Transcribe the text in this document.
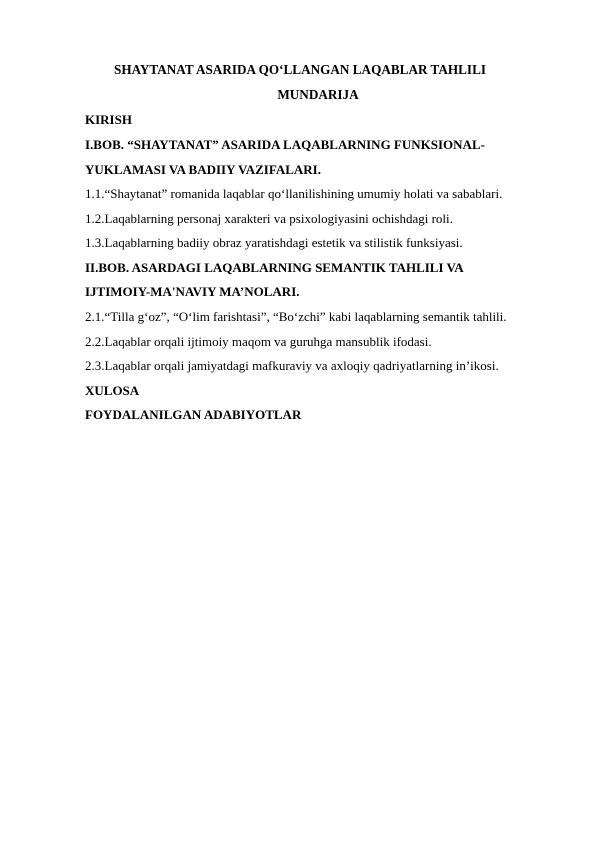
SHAYTANAT ASARIDA QO‘LLANGAN LAQABLAR TAHLILI
MUNDARIJA
KIRISH
I.BOB. “SHAYTANAT” ASARIDA LAQABLARNING FUNKSIONAL-
YUKLAMASI VA BADIIY VAZIFALARI.
1.1.“Shaytanat” romanida laqablar qo‘llanilishining umumiy holati va sabablari.
1.2.Laqablarning personaj xarakteri va psixologiyasini ochishdagi roli.
1.3.Laqablarning badiiy obraz yaratishdagi estetik va stilistik funksiyasi.
II.BOB. ASARDAGI LAQABLARNING SEMANTIK TAHLILI VA
IJTIMOIY-MA'NAVIY MA’NOLARI.
2.1.“Tilla g‘oz”, “O‘lim farishtasi”, “Bo‘zchi” kabi laqablarning semantik tahlili.
2.2.Laqablar orqali ijtimoiy maqom va guruhga mansublik ifodasi.
2.3.Laqablar orqali jamiyatdagi mafkuraviy va axloqiy qadriyatlarning in’ikosi.
XULOSA
FOYDALANILGAN ADABIYOTLAR
